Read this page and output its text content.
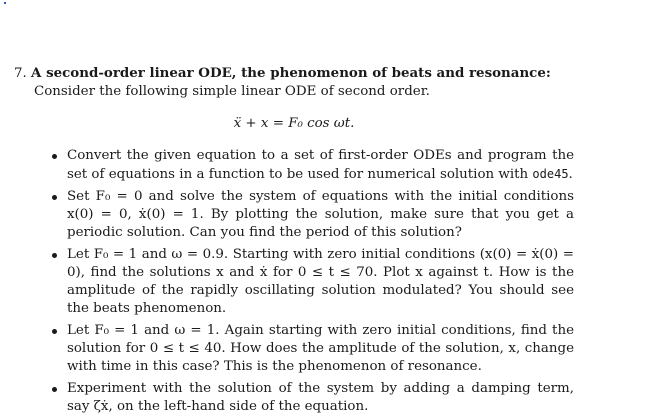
7. A second-order linear ODE, the phenomenon of beats and resonance:
Consider the following simple linear ODE of second order.
ẍ + x = F₀ cos ωt.
Convert the given equation to a set of first-order ODEs and program the set of equations in a function to be used for numerical solution with ode45.
Set F₀ = 0 and solve the system of equations with the initial conditions x(0) = 0, ẋ(0) = 1. By plotting the solution, make sure that you get a periodic solution. Can you find the period of this solution?
Let F₀ = 1 and ω = 0.9. Starting with zero initial conditions (x(0) = ẋ(0) = 0), find the solutions x and ẋ for 0 ≤ t ≤ 70. Plot x against t. How is the amplitude of the rapidly oscillating solution modulated? You should see the beats phenomenon.
Let F₀ = 1 and ω = 1. Again starting with zero initial conditions, find the solution for 0 ≤ t ≤ 40. How does the amplitude of the solution, x, change with time in this case? This is the phenomenon of resonance.
Experiment with the solution of the system by adding a damping term, say ζẋ, on the left-hand side of the equation.
